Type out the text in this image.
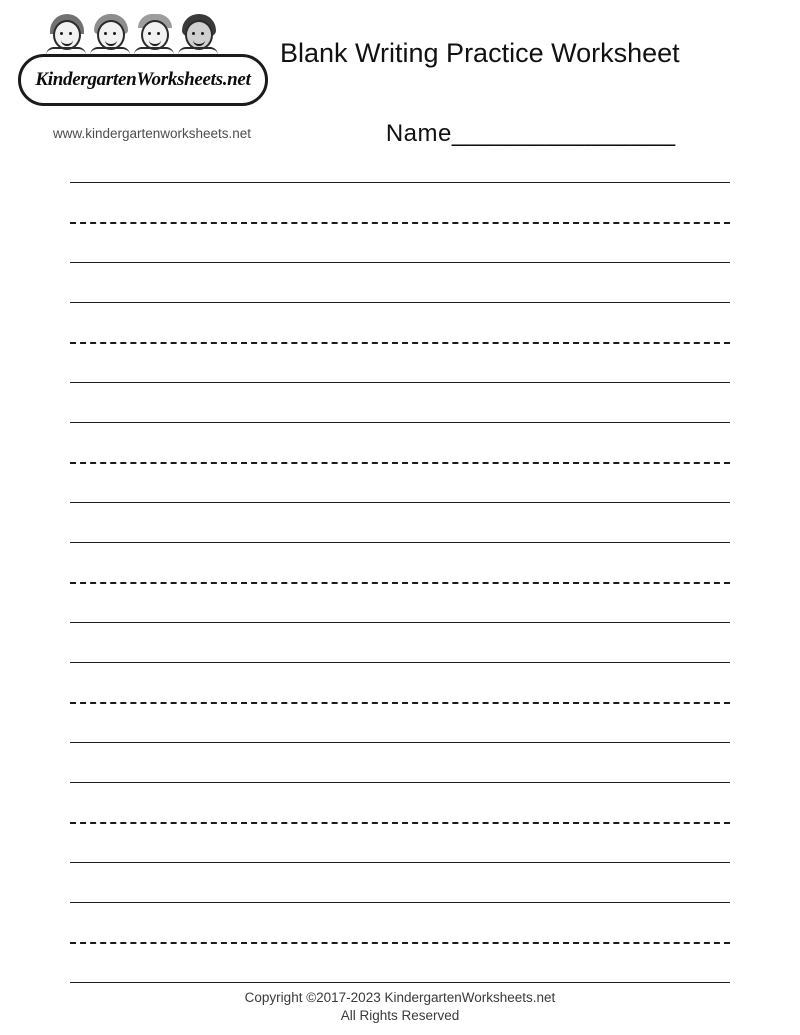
KindergartenWorksheets.net
www.kindergartenworksheets.net
Blank Writing Practice Worksheet
Name__________________
Copyright ©2017-2023 KindergartenWorksheets.net
All Rights Reserved
